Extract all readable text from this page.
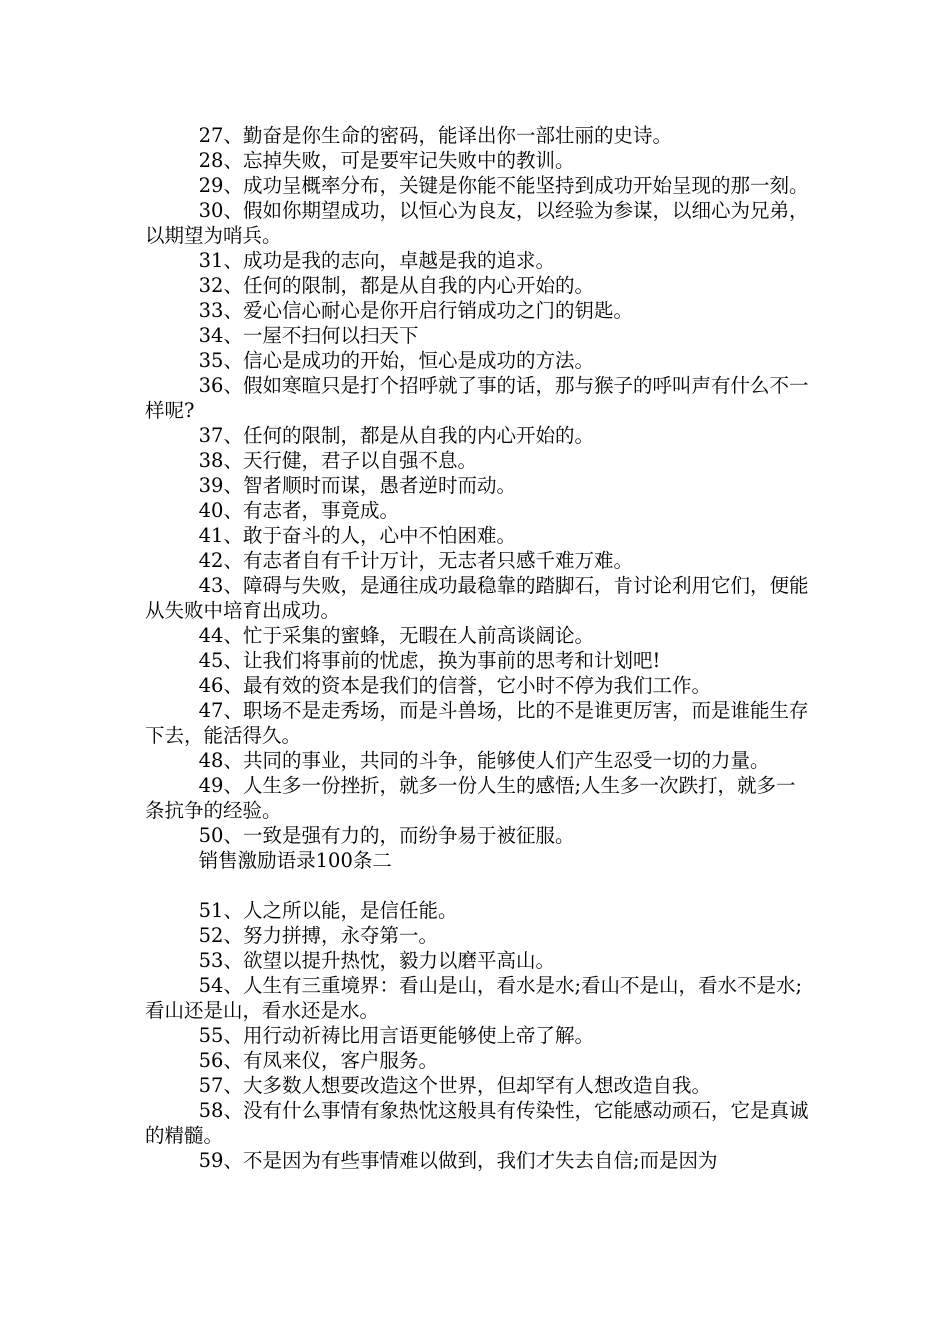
27、勤奋是你生命的密码，能译出你一部壮丽的史诗。

28、忘掉失败，可是要牢记失败中的教训。

29、成功呈概率分布，关键是你能不能坚持到成功开始呈现的那一刻。

30、假如你期望成功，以恒心为良友，以经验为参谋，以细心为兄弟，以期望为哨兵。

31、成功是我的志向，卓越是我的追求。

32、任何的限制，都是从自我的内心开始的。

33、爱心信心耐心是你开启行销成功之门的钥匙。

34、一屋不扫何以扫天下

35、信心是成功的开始，恒心是成功的方法。

36、假如寒暄只是打个招呼就了事的话，那与猴子的呼叫声有什么不一样呢?

37、任何的限制，都是从自我的内心开始的。

38、天行健，君子以自强不息。

39、智者顺时而谋，愚者逆时而动。

40、有志者，事竟成。

41、敢于奋斗的人，心中不怕困难。

42、有志者自有千计万计，无志者只感千难万难。

43、障碍与失败，是通往成功最稳靠的踏脚石，肯讨论利用它们，便能从失败中培育出成功。

44、忙于采集的蜜蜂，无暇在人前高谈阔论。

45、让我们将事前的忧虑，换为事前的思考和计划吧!

46、最有效的资本是我们的信誉，它小时不停为我们工作。

47、职场不是走秀场，而是斗兽场，比的不是谁更厉害，而是谁能生存下去，能活得久。

48、共同的事业，共同的斗争，能够使人们产生忍受一切的力量。

49、人生多一份挫折，就多一份人生的感悟;人生多一次跌打，就多一条抗争的经验。

50、一致是强有力的，而纷争易于被征服。

销售激励语录100条二

51、人之所以能，是信任能。

52、努力拼搏，永夺第一。

53、欲望以提升热忱，毅力以磨平高山。

54、人生有三重境界：看山是山，看水是水;看山不是山，看水不是水;看山还是山，看水还是水。

55、用行动祈祷比用言语更能够使上帝了解。

56、有凤来仪，客户服务。

57、大多数人想要改造这个世界，但却罕有人想改造自我。

58、没有什么事情有象热忱这般具有传染性，它能感动顽石，它是真诚的精髓。

59、不是因为有些事情难以做到，我们才失去自信;而是因为
